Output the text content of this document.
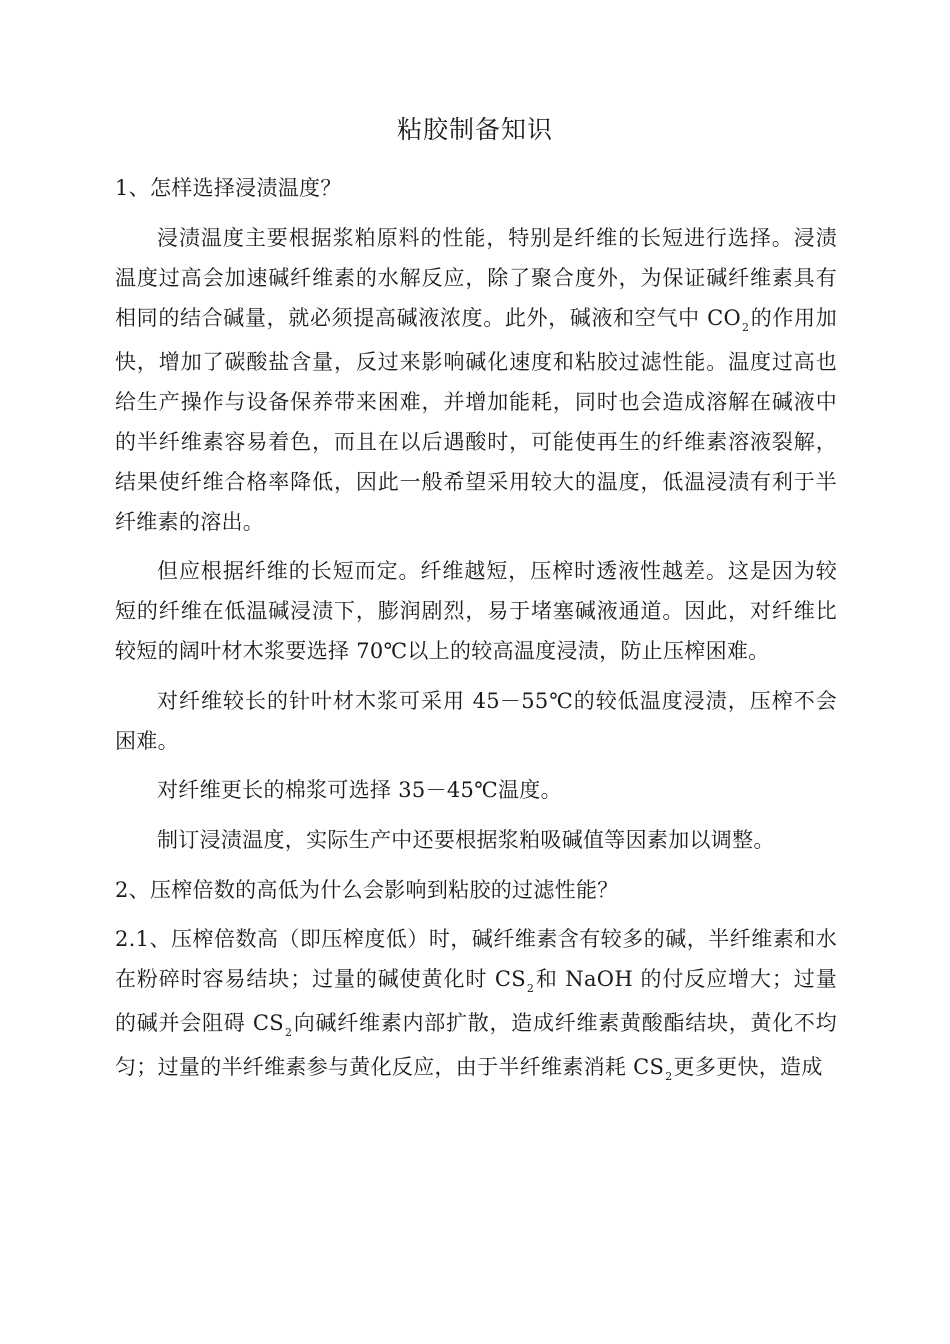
粘胶制备知识

1、怎样选择浸渍温度？

浸渍温度主要根据浆粕原料的性能，特别是纤维的长短进行选择。浸渍温度过高会加速碱纤维素的水解反应，除了聚合度外，为保证碱纤维素具有相同的结合碱量，就必须提高碱液浓度。此外，碱液和空气中 $CO_2$的作用加快，增加了碳酸盐含量，反过来影响碱化速度和粘胶过滤性能。温度过高也给生产操作与设备保养带来困难，并增加能耗，同时也会造成溶解在碱液中的半纤维素容易着色，而且在以后遇酸时，可能使再生的纤维素溶液裂解，结果使纤维合格率降低，因此一般希望采用较大的温度，低温浸渍有利于半纤维素的溶出。

但应根据纤维的长短而定。纤维越短，压榨时透液性越差。这是因为较短的纤维在低温碱浸渍下，膨润剧烈，易于堵塞碱液通道。因此，对纤维比较短的阔叶材木浆要选择 70℃以上的较高温度浸渍，防止压榨困难。

对纤维较长的针叶材木浆可采用 45－55℃的较低温度浸渍，压榨不会困难。

对纤维更长的棉浆可选择 35－45℃温度。

制订浸渍温度，实际生产中还要根据浆粕吸碱值等因素加以调整。

2、压榨倍数的高低为什么会影响到粘胶的过滤性能？

2.1、压榨倍数高（即压榨度低）时，碱纤维素含有较多的碱，半纤维素和水在粉碎时容易结块；过量的碱使黄化时 $CS_2$和 NaOH 的付反应增大；过量的碱并会阻碍 $CS_2$向碱纤维素内部扩散，造成纤维素黄酸酯结块，黄化不均匀；过量的半纤维素参与黄化反应，由于半纤维素消耗 $CS_2$更多更快，造成
